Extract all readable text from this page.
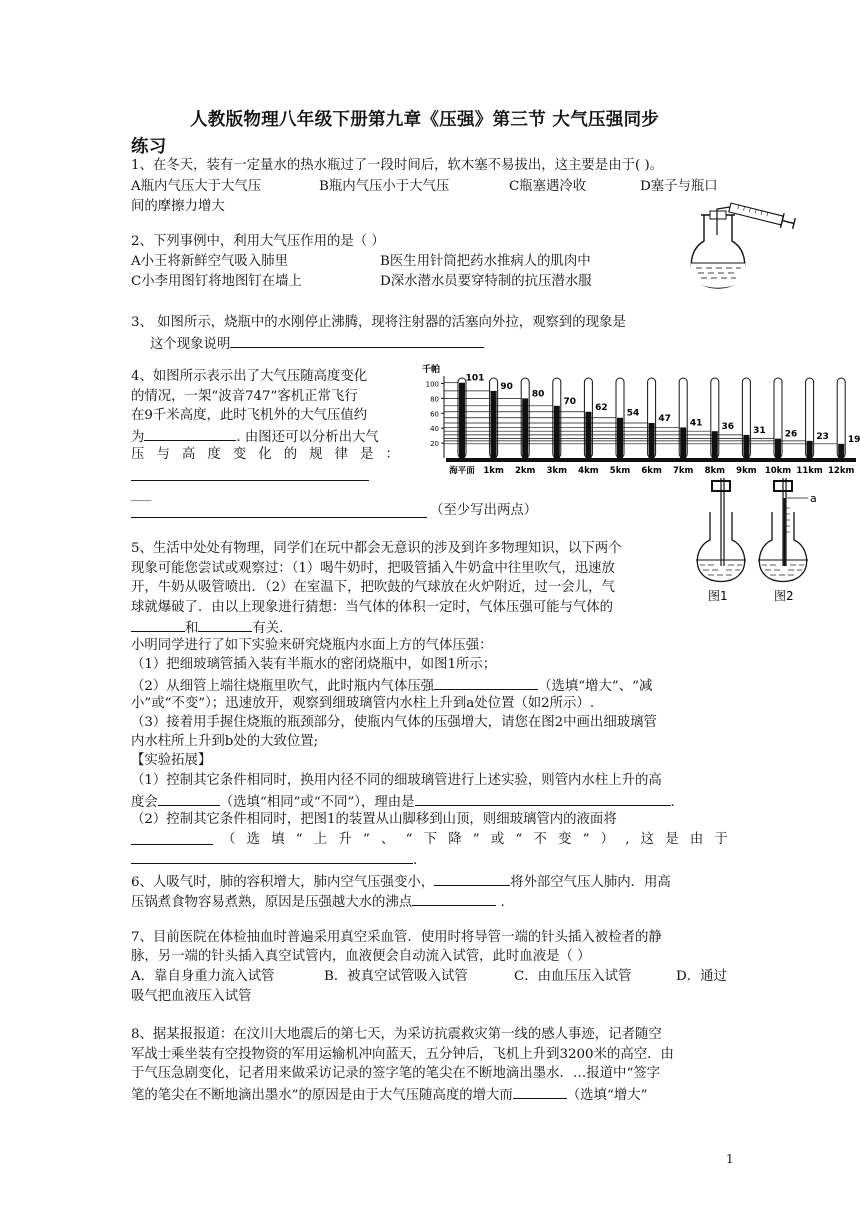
人教版物理八年级下册第九章《压强》第三节 大气压强同步
练习
1、在冬天，装有一定量水的热水瓶过了一段时间后，软木塞不易拔出，这主要是由于( )。
A瓶内气压大于大气压	B瓶内气压小于大气压	C瓶塞遇冷收	D塞子与瓶口
间的摩擦力增大
2、下列事例中，利用大气压作用的是（ ）
A小王将新鲜空气吸入肺里	B医生用针筒把药水推病人的肌肉中
C小李用图钉将地图钉在墙上	D深水潜水员要穿特制的抗压潜水服
3、 如图所示，烧瓶中的水刚停止沸腾，现将注射器的活塞向外拉，观察到的现象是
这个现象说明
4、如图所示表示出了大气压随高度变化
的情况，一架“波音747”客机正常飞行
在9千米高度，此时飞机外的大气压值约
为	. 由图还可以分析出大气
压 与 高 度 变 化 的 规 律 是 ：
___
（至少写出两点）
千帕
100
80
60
40
20
101
90
80
70
62
54
47 41 36 31 26 23 19
海平面 1km 2km 3km 4km 5km 6km 7km 8km 9km 10km 11km 12km
图1
a
图2
5、生活中处处有物理，同学们在玩中都会无意识的涉及到许多物理知识，以下两个
现象可能您尝试或观察过：（1）喝牛奶时，把吸管插入牛奶盒中往里吹气，迅速放
开，牛奶从吸管喷出．（2）在室温下，把吹鼓的气球放在火炉附近，过一会儿，气
球就爆破了．由以上现象进行猜想：当气体的体积一定时，气体压强可能与气体的
和	有关.
小明同学进行了如下实验来研究烧瓶内水面上方的气体压强：
（1）把细玻璃管插入装有半瓶水的密闭烧瓶中，如图1所示；
（2）从细管上端往烧瓶里吹气，此时瓶内气体压强	（选填“增大”、“减
小”或“不变”）；迅速放开，观察到细玻璃管内水柱上升到a处位置（如2所示）.
（3）接着用手握住烧瓶的瓶颈部分，使瓶内气体的压强增大，请您在图2中画出细玻璃管
内水柱所上升到b处的大致位置;
【实验拓展】
（1）控制其它条件相同时，换用内径不同的细玻璃管进行上述实验，则管内水柱上升的高
度会	（选填“相同”或“不同”），理由是	.
（2）控制其它条件相同时，把图1的装置从山脚移到山顶，则细玻璃管内的液面将
（ 选 填 “ 上 升 ” 、 “ 下 降 ” 或 “ 不 变 ” ） , 这 是 由 于
.
6、人吸气时，肺的容积增大，肺内空气压强变小，	将外部空气压人肺内．用高
压锅煮食物容易煮熟，原因是压强越大水的沸点	.
7、目前医院在体检抽血时普遍采用真空采血管．使用时将导管一端的针头插入被检者的静
脉，另一端的针头插入真空试管内，血液便会自动流入试管，此时血液是（ ）
A．靠自身重力流入试管	B．被真空试管吸入试管	C．由血压压入试管	D．通过
吸气把血液压入试管
8、据某报报道：在汶川大地震后的第七天，为采访抗震救灾第一线的感人事迹，记者随空
军战士乘坐装有空投物资的军用运输机冲向蓝天，五分钟后，飞机上升到3200米的高空．由
于气压急剧变化，记者用来做采访记录的签字笔的笔尖在不断地滴出墨水．…报道中“签字
笔的笔尖在不断地滴出墨水”的原因是由于大气压随高度的增大而	（选填“增大”
1
